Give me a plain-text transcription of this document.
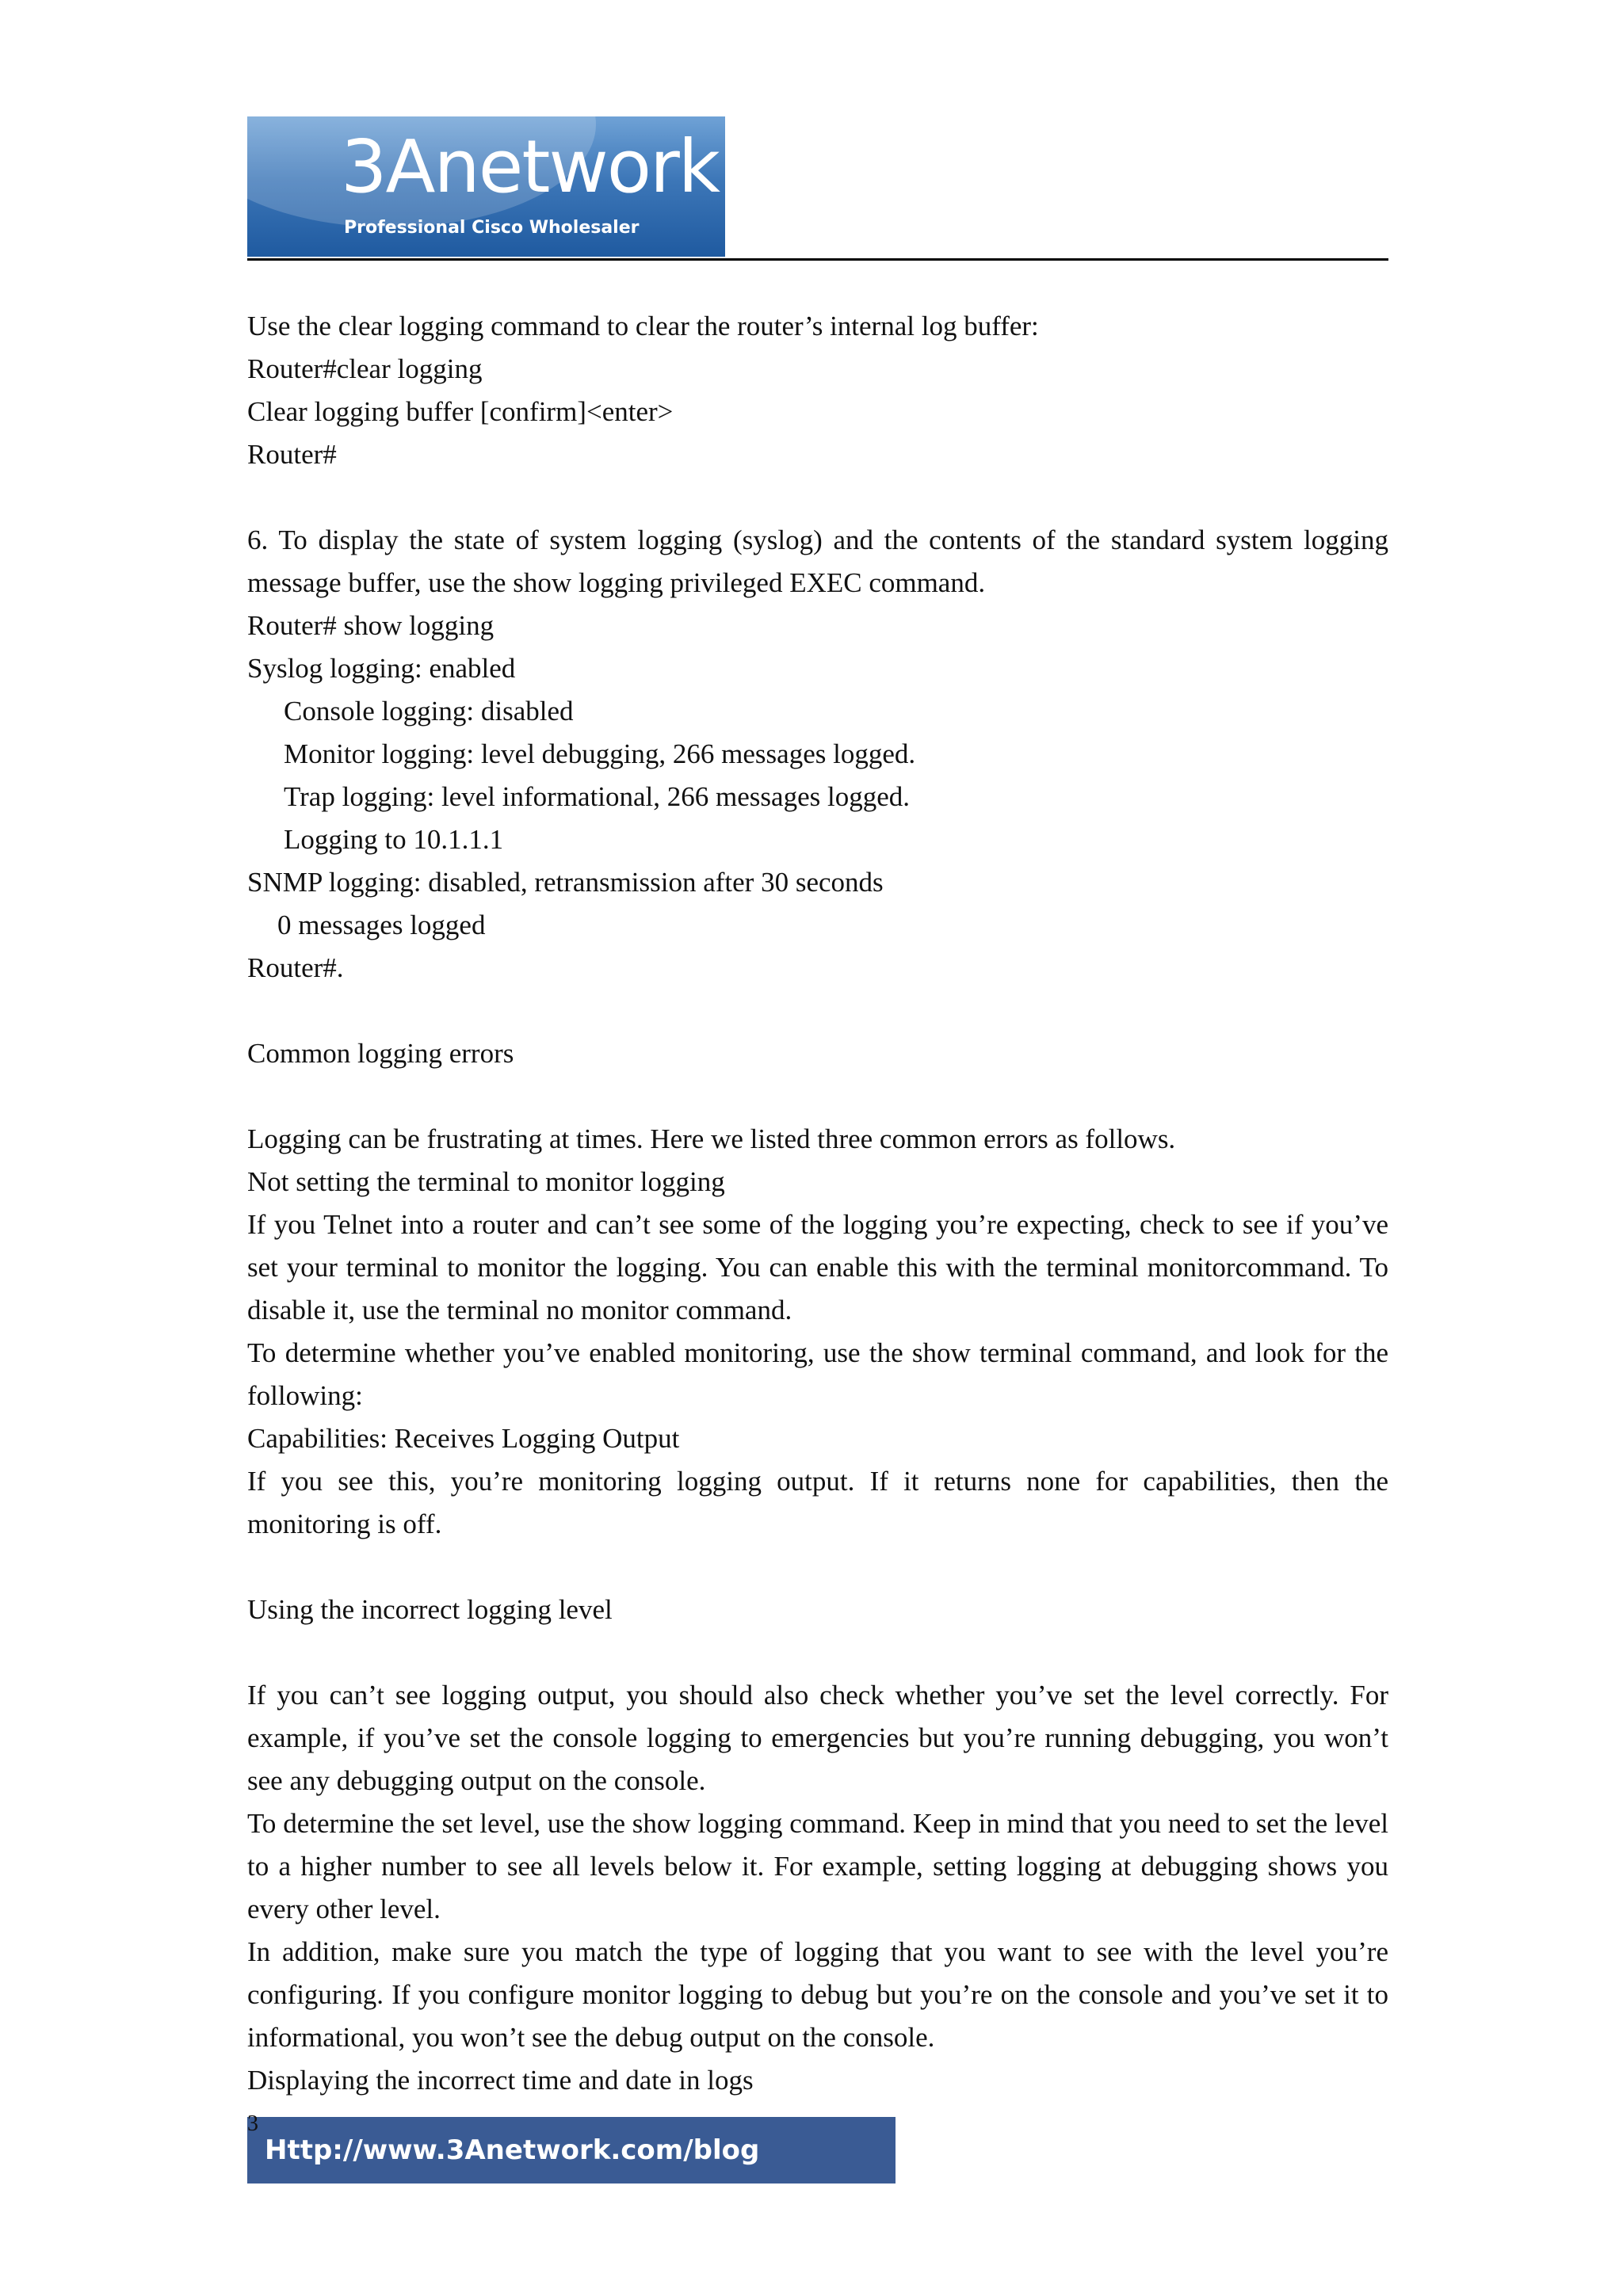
3Anetwork
Professional Cisco Wholesaler

Use the clear logging command to clear the router’s internal log buffer:

Router#clear logging

Clear logging buffer [confirm]<enter>

Router#

6. To display the state of system logging (syslog) and the contents of the standard system logging message buffer, use the show logging privileged EXEC command.

Router# show logging

Syslog logging: enabled

Console logging: disabled

Monitor logging: level debugging, 266 messages logged.

Trap logging: level informational, 266 messages logged.

Logging to 10.1.1.1

SNMP logging: disabled, retransmission after 30 seconds

0 messages logged

Router#.

Common logging errors

Logging can be frustrating at times. Here we listed three common errors as follows.

Not setting the terminal to monitor logging

If you Telnet into a router and can’t see some of the logging you’re expecting, check to see if you’ve set your terminal to monitor the logging. You can enable this with the terminal monitorcommand. To disable it, use the terminal no monitor command.

To determine whether you’ve enabled monitoring, use the show terminal command, and look for the following:

Capabilities: Receives Logging Output

If you see this, you’re monitoring logging output. If it returns none for capabilities, then the monitoring is off.

Using the incorrect logging level

If you can’t see logging output, you should also check whether you’ve set the level correctly. For example, if you’ve set the console logging to emergencies but you’re running debugging, you won’t see any debugging output on the console.

To determine the set level, use the show logging command. Keep in mind that you need to set the level to a higher number to see all levels below it. For example, setting logging at debugging shows you every other level.

In addition, make sure you match the type of logging that you want to see with the level you’re configuring. If you configure monitor logging to debug but you’re on the console and you’ve set it to informational, you won’t see the debug output on the console.

Displaying the incorrect time and date in logs

Http://www.3Anetwork.com/blog
3
